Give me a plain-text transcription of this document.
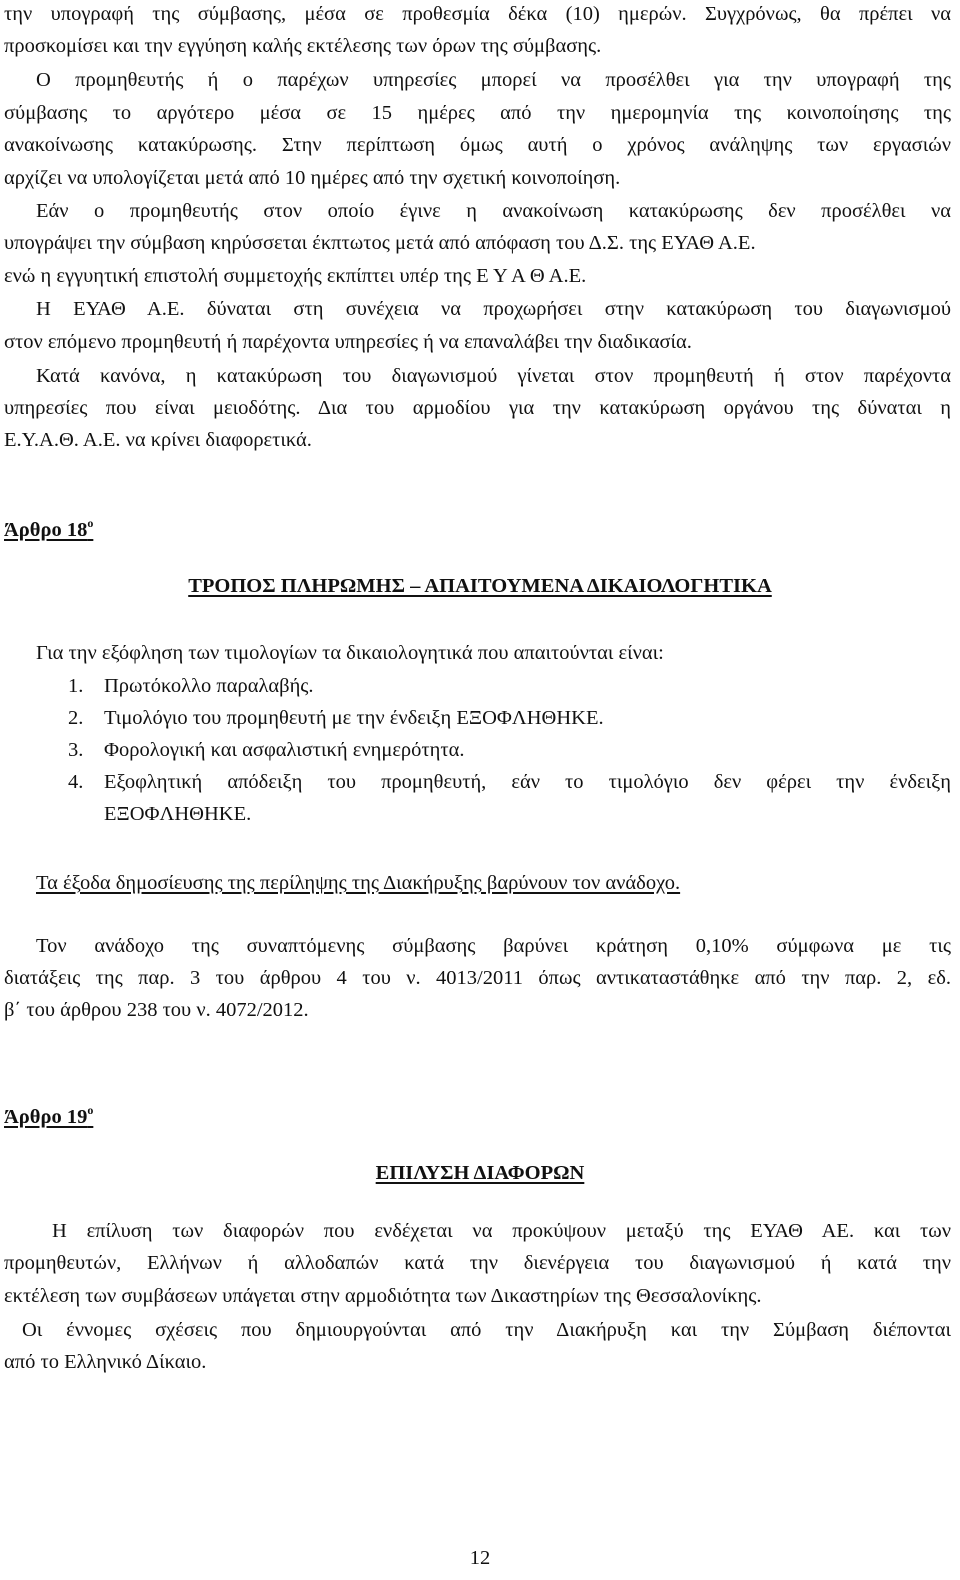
την υπογραφή της σύμβασης, μέσα σε προθεσμία δέκα (10) ημερών. Συγχρόνως, θα πρέπει να
προσκομίσει και την εγγύηση καλής εκτέλεσης των όρων της σύμβασης.
Ο προμηθευτής ή ο παρέχων υπηρεσίες μπορεί να προσέλθει για την υπογραφή της
σύμβασης το αργότερο μέσα σε 15 ημέρες από την ημερομηνία της κοινοποίησης της
ανακοίνωσης κατακύρωσης. Στην περίπτωση όμως αυτή ο χρόνος ανάληψης των εργασιών
αρχίζει να υπολογίζεται μετά από 10 ημέρες από την σχετική κοινοποίηση.
Εάν ο προμηθευτής στον οποίο έγινε η ανακοίνωση κατακύρωσης δεν προσέλθει να
υπογράψει την σύμβαση κηρύσσεται έκπτωτος μετά από απόφαση του Δ.Σ. της ΕΥΑΘ Α.Ε.
ενώ η εγγυητική επιστολή συμμετοχής εκπίπτει υπέρ της Ε Υ Α Θ Α.Ε.
Η ΕΥΑΘ Α.Ε. δύναται στη συνέχεια να προχωρήσει στην κατακύρωση του διαγωνισμού
στον επόμενο προμηθευτή ή παρέχοντα υπηρεσίες ή να επαναλάβει την διαδικασία.
Κατά κανόνα, η κατακύρωση του διαγωνισμού γίνεται στον προμηθευτή ή στον παρέχοντα
υπηρεσίες που είναι μειοδότης. Δια του αρμοδίου για την κατακύρωση οργάνου της δύναται η
Ε.Υ.Α.Θ. Α.Ε. να κρίνει διαφορετικά.
Άρθρο $18^o$
ΤΡΟΠΟΣ ΠΛΗΡΩΜΗΣ – ΑΠΑΙΤΟΥΜΕΝΑ ΔΙΚΑΙΟΛΟΓΗΤΙΚΑ
Για την εξόφληση των τιμολογίων τα δικαιολογητικά που απαιτούνται είναι:
1.	Πρωτόκολλο παραλαβής.
2.	Τιμολόγιο του προμηθευτή με την ένδειξη ΕΞΟΦΛΗΘΗΚΕ.
3.	Φορολογική και ασφαλιστική ενημερότητα.
4.	Εξοφλητική απόδειξη του προμηθευτή, εάν το τιμολόγιο δεν φέρει την ένδειξη
ΕΞΟΦΛΗΘΗΚΕ.
Τα έξοδα δημοσίευσης της περίληψης της Διακήρυξης βαρύνουν τον ανάδοχο.
Τον ανάδοχο της συναπτόμενης σύμβασης βαρύνει κράτηση 0,10% σύμφωνα με τις
διατάξεις της παρ. 3 του άρθρου 4 του ν. 4013/2011 όπως αντικαταστάθηκε από την παρ. 2, εδ.
β΄ του άρθρου 238 του ν. 4072/2012.
Άρθρο $19^o$
ΕΠΙΛΥΣΗ ΔΙΑΦΟΡΩΝ
Η επίλυση των διαφορών που ενδέχεται να προκύψουν μεταξύ της ΕΥΑΘ ΑΕ. και των
προμηθευτών, Ελλήνων ή αλλοδαπών κατά την διενέργεια του διαγωνισμού ή κατά την
εκτέλεση των συμβάσεων υπάγεται στην αρμοδιότητα των Δικαστηρίων της Θεσσαλονίκης.
Οι έννομες σχέσεις που δημιουργούνται από την Διακήρυξη και την Σύμβαση διέπονται
από το Ελληνικό Δίκαιο.
12
